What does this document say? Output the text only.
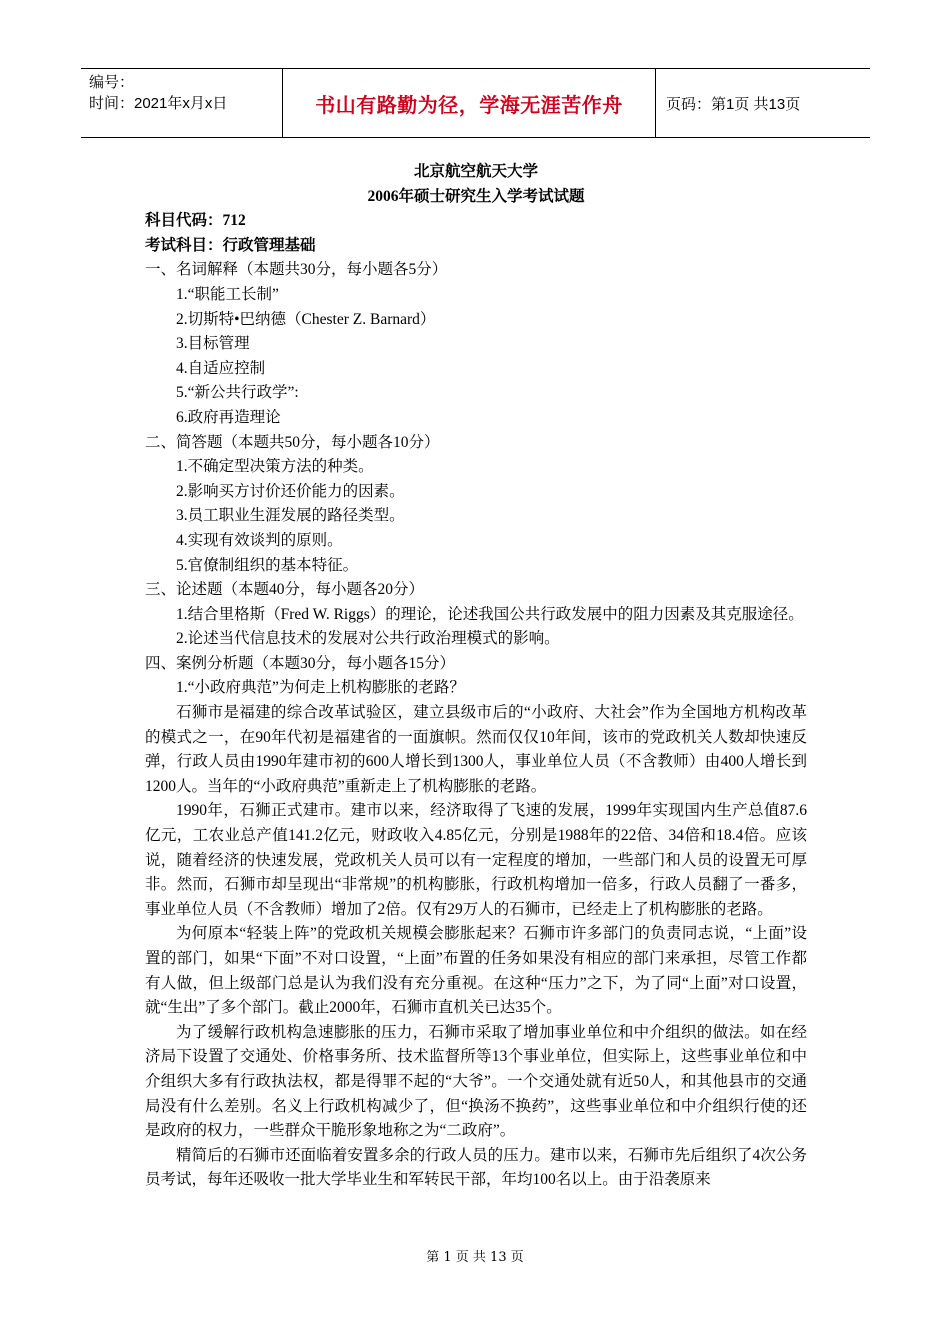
编号：
时间：2021年x月x日	书山有路勤为径，学海无涯苦作舟	页码：第1页 共13页

北京航空航天大学

2006年硕士研究生入学考试试题

科目代码：712

考试科目：行政管理基础

一、名词解释（本题共30分，每小题各5分）

1.“职能工长制”

2.切斯特•巴纳德（Chester Z. Barnard）

3.目标管理

4.自适应控制

5.“新公共行政学”:

6.政府再造理论

二、简答题（本题共50分，每小题各10分）

1.不确定型决策方法的种类。

2.影响买方讨价还价能力的因素。

3.员工职业生涯发展的路径类型。

4.实现有效谈判的原则。

5.官僚制组织的基本特征。

三、论述题（本题40分，每小题各20分）

1.结合里格斯（Fred W. Riggs）的理论，论述我国公共行政发展中的阻力因素及其克服途径。

2.论述当代信息技术的发展对公共行政治理模式的影响。

四、案例分析题（本题30分，每小题各15分）

1.“小政府典范”为何走上机构膨胀的老路？

石狮市是福建的综合改革试验区，建立县级市后的“小政府、大社会”作为全国地方机构改革的模式之一，在90年代初是福建省的一面旗帜。然而仅仅10年间，该市的党政机关人数却快速反弹，行政人员由1990年建市初的600人增长到1300人，事业单位人员（不含教师）由400人增长到1200人。当年的“小政府典范”重新走上了机构膨胀的老路。

1990年，石狮正式建市。建市以来，经济取得了飞速的发展，1999年实现国内生产总值87.6亿元，工农业总产值141.2亿元，财政收入4.85亿元，分别是1988年的22倍、34倍和18.4倍。应该说，随着经济的快速发展，党政机关人员可以有一定程度的增加，一些部门和人员的设置无可厚非。然而，石狮市却呈现出“非常规”的机构膨胀，行政机构增加一倍多，行政人员翻了一番多，事业单位人员（不含教师）增加了2倍。仅有29万人的石狮市，已经走上了机构膨胀的老路。

为何原本“轻装上阵”的党政机关规模会膨胀起来？石狮市许多部门的负责同志说，“上面”设置的部门，如果“下面”不对口设置，“上面”布置的任务如果没有相应的部门来承担，尽管工作都有人做，但上级部门总是认为我们没有充分重视。在这种“压力”之下，为了同“上面”对口设置，就“生出”了多个部门。截止2000年，石狮市直机关已达35个。

为了缓解行政机构急速膨胀的压力，石狮市采取了增加事业单位和中介组织的做法。如在经济局下设置了交通处、价格事务所、技术监督所等13个事业单位，但实际上，这些事业单位和中介组织大多有行政执法权，都是得罪不起的“大爷”。一个交通处就有近50人，和其他县市的交通局没有什么差别。名义上行政机构减少了，但“换汤不换药”，这些事业单位和中介组织行使的还是政府的权力，一些群众干脆形象地称之为“二政府”。

精简后的石狮市还面临着安置多余的行政人员的压力。建市以来，石狮市先后组织了4次公务员考试，每年还吸收一批大学毕业生和军转民干部，年均100名以上。由于沿袭原来

第 1 页 共 13 页
